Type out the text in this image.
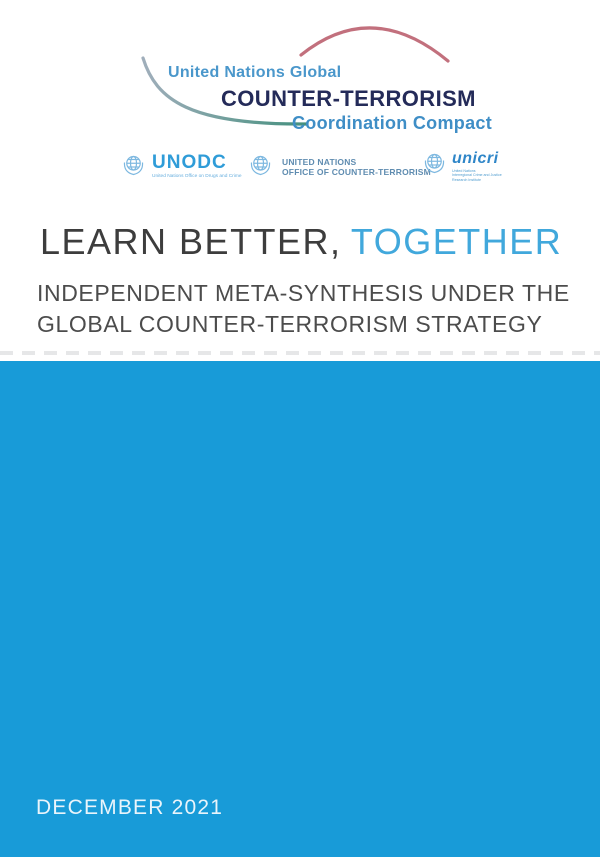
United Nations Global
COUNTER-TERRORISM
Coordination Compact
UNODC
United Nations Office on Drugs and Crime
UNITED NATIONS
OFFICE OF COUNTER-TERRORISM
unicri
United Nations
Interregional Crime and Justice
Research Institute
LEARN BETTER, TOGETHER
INDEPENDENT META-SYNTHESIS UNDER THE
GLOBAL COUNTER-TERRORISM STRATEGY
DECEMBER 2021
